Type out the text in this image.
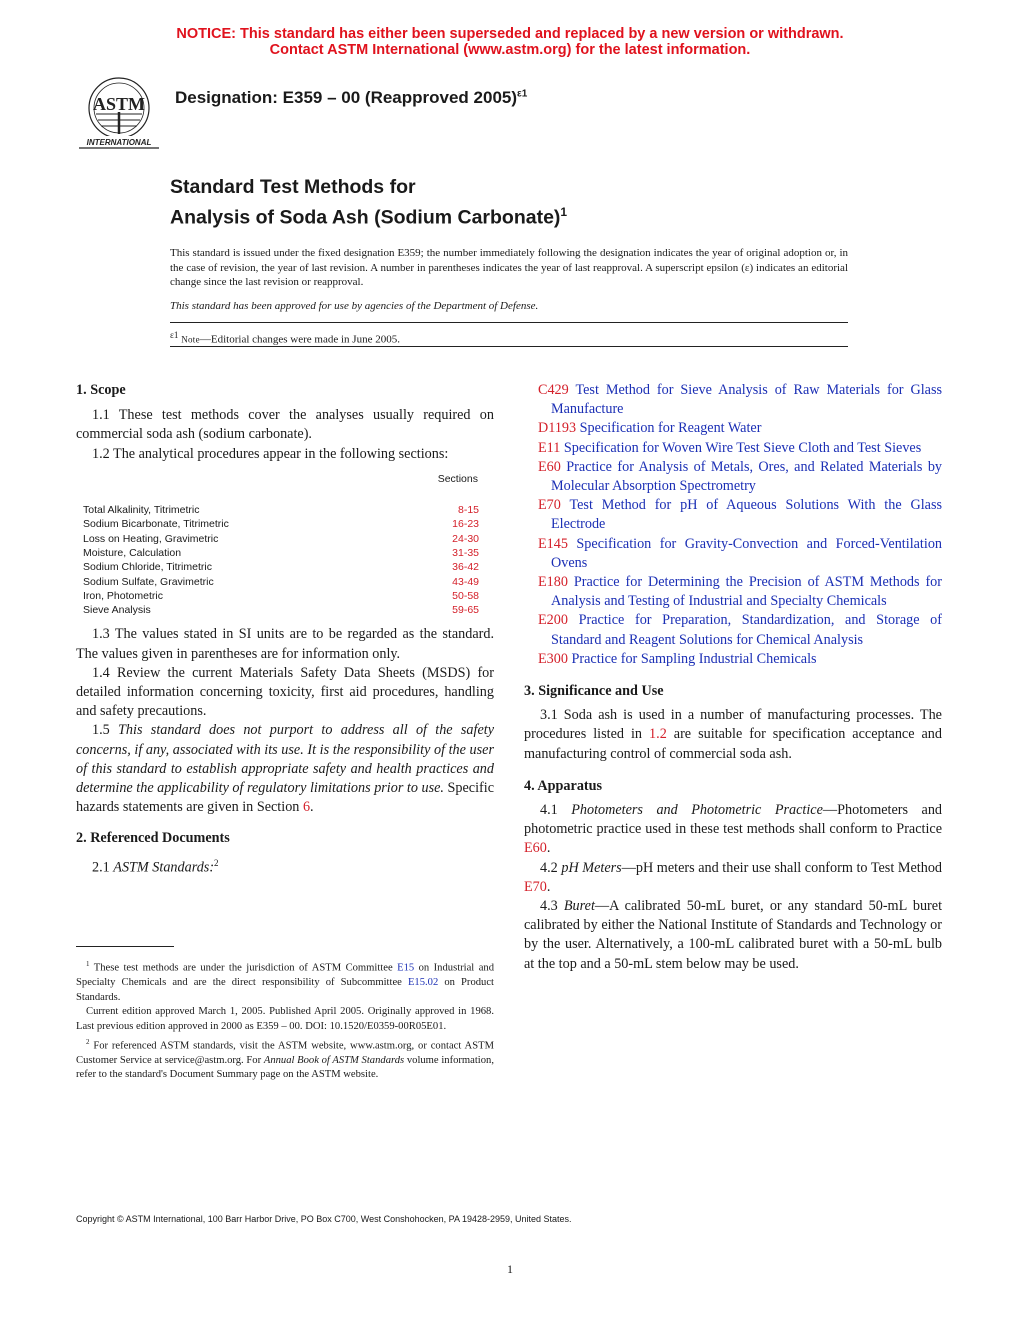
NOTICE: This standard has either been superseded and replaced by a new version or withdrawn.
Contact ASTM International (www.astm.org) for the latest information.
ASTM
INTERNATIONAL
Designation: E359 – 00 (Reapproved 2005)$^{\varepsilon 1}$
Standard Test Methods for
Analysis of Soda Ash (Sodium Carbonate)$^1$
This standard is issued under the fixed designation E359; the number immediately following the designation indicates the year of original adoption or, in the case of revision, the year of last revision. A number in parentheses indicates the year of last reapproval. A superscript epsilon (ε) indicates an editorial change since the last revision or reapproval.
This standard has been approved for use by agencies of the Department of Defense.
$^{\varepsilon 1}$ Note—Editorial changes were made in June 2005.

1. Scope

1.1 These test methods cover the analyses usually required on commercial soda ash (sodium carbonate).

1.2 The analytical procedures appear in the following sections:

Sections
Total Alkalinity, Titrimetric	8-15
Sodium Bicarbonate, Titrimetric	16-23
Loss on Heating, Gravimetric	24-30
Moisture, Calculation	31-35
Sodium Chloride, Titrimetric	36-42
Sodium Sulfate, Gravimetric	43-49
Iron, Photometric	50-58
Sieve Analysis	59-65

1.3 The values stated in SI units are to be regarded as the standard. The values given in parentheses are for information only.

1.4 Review the current Materials Safety Data Sheets (MSDS) for detailed information concerning toxicity, first aid procedures, handling and safety precautions.

1.5 This standard does not purport to address all of the safety concerns, if any, associated with its use. It is the responsibility of the user of this standard to establish appropriate safety and health practices and determine the applicability of regulatory limitations prior to use. Specific hazards statements are given in Section 6.

2. Referenced Documents

2.1 ASTM Standards:$^2$

$^1$ These test methods are under the jurisdiction of ASTM Committee E15 on Industrial and Specialty Chemicals and are the direct responsibility of Subcommittee E15.02 on Product Standards.

Current edition approved March 1, 2005. Published April 2005. Originally approved in 1968. Last previous edition approved in 2000 as E359 – 00. DOI: 10.1520/E0359-00R05E01.

$^2$ For referenced ASTM standards, visit the ASTM website, www.astm.org, or contact ASTM Customer Service at service@astm.org. For Annual Book of ASTM Standards volume information, refer to the standard's Document Summary page on the ASTM website.

C429 Test Method for Sieve Analysis of Raw Materials for Glass Manufacture

D1193 Specification for Reagent Water

E11 Specification for Woven Wire Test Sieve Cloth and Test Sieves

E60 Practice for Analysis of Metals, Ores, and Related Materials by Molecular Absorption Spectrometry

E70 Test Method for pH of Aqueous Solutions With the Glass Electrode

E145 Specification for Gravity-Convection and Forced-Ventilation Ovens

E180 Practice for Determining the Precision of ASTM Methods for Analysis and Testing of Industrial and Specialty Chemicals

E200 Practice for Preparation, Standardization, and Storage of Standard and Reagent Solutions for Chemical Analysis

E300 Practice for Sampling Industrial Chemicals

3. Significance and Use

3.1 Soda ash is used in a number of manufacturing processes. The procedures listed in 1.2 are suitable for specification acceptance and manufacturing control of commercial soda ash.

4. Apparatus

4.1 Photometers and Photometric Practice—Photometers and photometric practice used in these test methods shall conform to Practice E60.

4.2 pH Meters—pH meters and their use shall conform to Test Method E70.

4.3 Buret—A calibrated 50-mL buret, or any standard 50-mL buret calibrated by either the National Institute of Standards and Technology or by the user. Alternatively, a 100-mL calibrated buret with a 50-mL bulb at the top and a 50-mL stem below may be used.

Copyright © ASTM International, 100 Barr Harbor Drive, PO Box C700, West Conshohocken, PA 19428-2959, United States.
1
